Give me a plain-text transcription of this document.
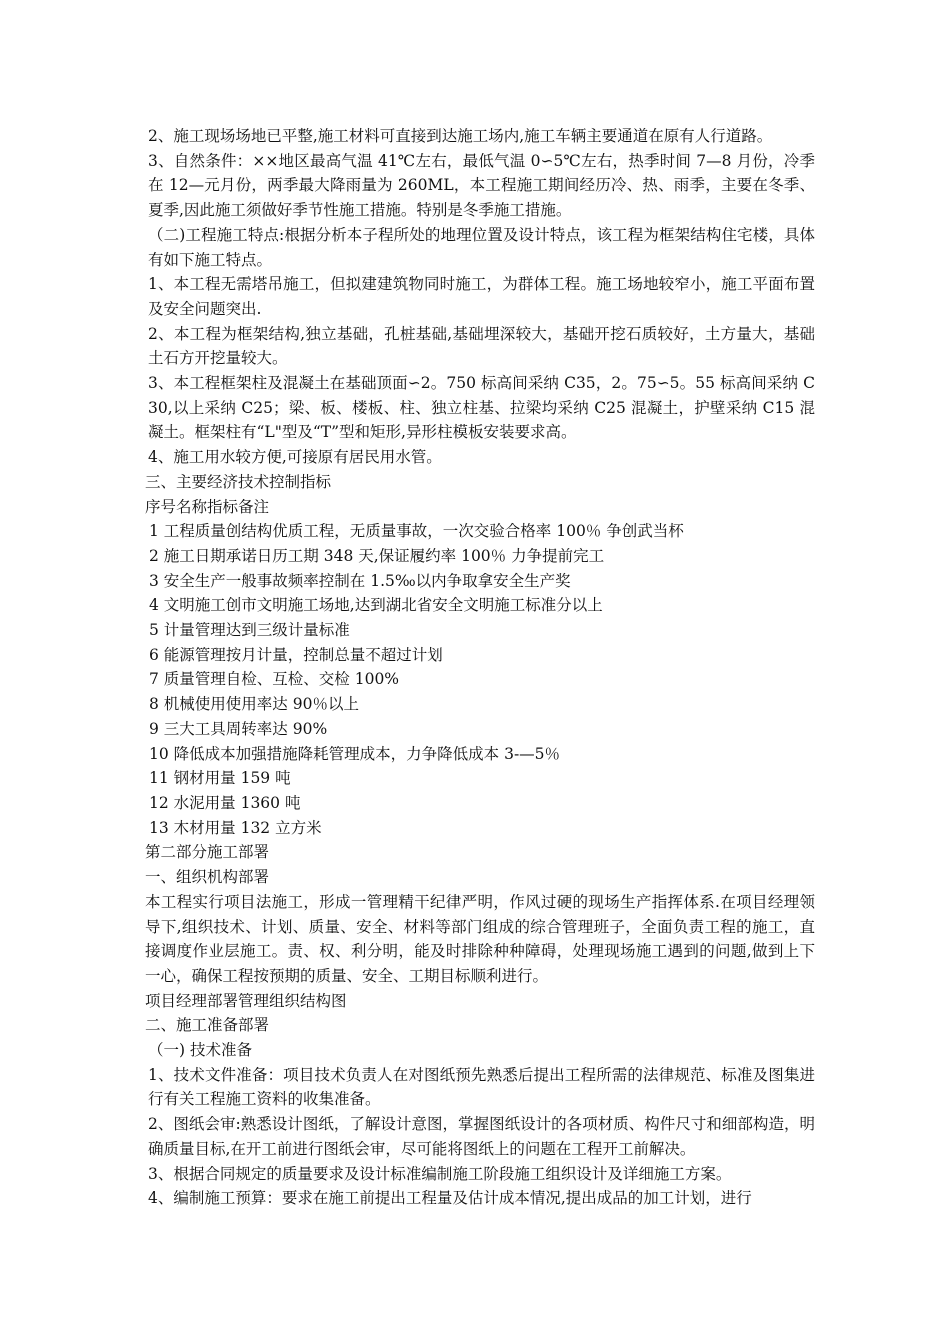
2、施工现场场地已平整,施工材料可直接到达施工场内,施工车辆主要通道在原有人行道路。

3、自然条件：××地区最高气温 41℃左右，最低气温 0∽5℃左右，热季时间 7—8 月份，冷季在 12—元月份，两季最大降雨量为 260ML，本工程施工期间经历冷、热、雨季，主要在冬季、夏季,因此施工须做好季节性施工措施。特别是冬季施工措施。

（二)工程施工特点:根据分析本子程所处的地理位置及设计特点，该工程为框架结构住宅楼，具体有如下施工特点。

1、本工程无需塔吊施工，但拟建建筑物同时施工，为群体工程。施工场地较窄小，施工平面布置及安全问题突出.

2、本工程为框架结构,独立基础，孔桩基础,基础埋深较大，基础开挖石质较好，土方量大，基础土石方开挖量较大。

3、本工程框架柱及混凝土在基础顶面∽2。750 标高间采纳 C35，2。75∽5。55 标高间采纳 C30,以上采纳 C25；梁、板、楼板、柱、独立柱基、拉梁均采纳 C25 混凝土，护壁采纳 C15 混凝土。框架柱有“L"型及“T”型和矩形,异形柱模板安装要求高。

4、施工用水较方便,可接原有居民用水管。

三、主要经济技术控制指标

序号名称指标备注

1 工程质量创结构优质工程，无质量事故，一次交验合格率 100％ 争创武当杯

2 施工日期承诺日历工期 348 天,保证履约率 100％ 力争提前完工

3 安全生产一般事故频率控制在 1.5‰以内争取拿安全生产奖

4 文明施工创市文明施工场地,达到湖北省安全文明施工标准分以上

5 计量管理达到三级计量标准

6 能源管理按月计量，控制总量不超过计划

7 质量管理自检、互检、交检 100%

8 机械使用使用率达 90％以上

9 三大工具周转率达 90%

10 降低成本加强措施降耗管理成本，力争降低成本 3-—5％

11 钢材用量 159 吨

12 水泥用量 1360 吨

13 木材用量 132 立方米

第二部分施工部署

一、组织机构部署

本工程实行项目法施工，形成一管理精干纪律严明，作风过硬的现场生产指挥体系.在项目经理领导下,组织技术、计划、质量、安全、材料等部门组成的综合管理班子，全面负责工程的施工，直接调度作业层施工。责、权、利分明，能及时排除种种障碍，处理现场施工遇到的问题,做到上下一心，确保工程按预期的质量、安全、工期目标顺利进行。

项目经理部署管理组织结构图

二、施工准备部署

（一) 技术准备

1、技术文件准备：项目技术负责人在对图纸预先熟悉后提出工程所需的法律规范、标准及图集进行有关工程施工资料的收集准备。

2、图纸会审:熟悉设计图纸，了解设计意图，掌握图纸设计的各项材质、构件尺寸和细部构造，明确质量目标,在开工前进行图纸会审，尽可能将图纸上的问题在工程开工前解决。

3、根据合同规定的质量要求及设计标准编制施工阶段施工组织设计及详细施工方案。

4、编制施工预算：要求在施工前提出工程量及估计成本情况,提出成品的加工计划，进行
